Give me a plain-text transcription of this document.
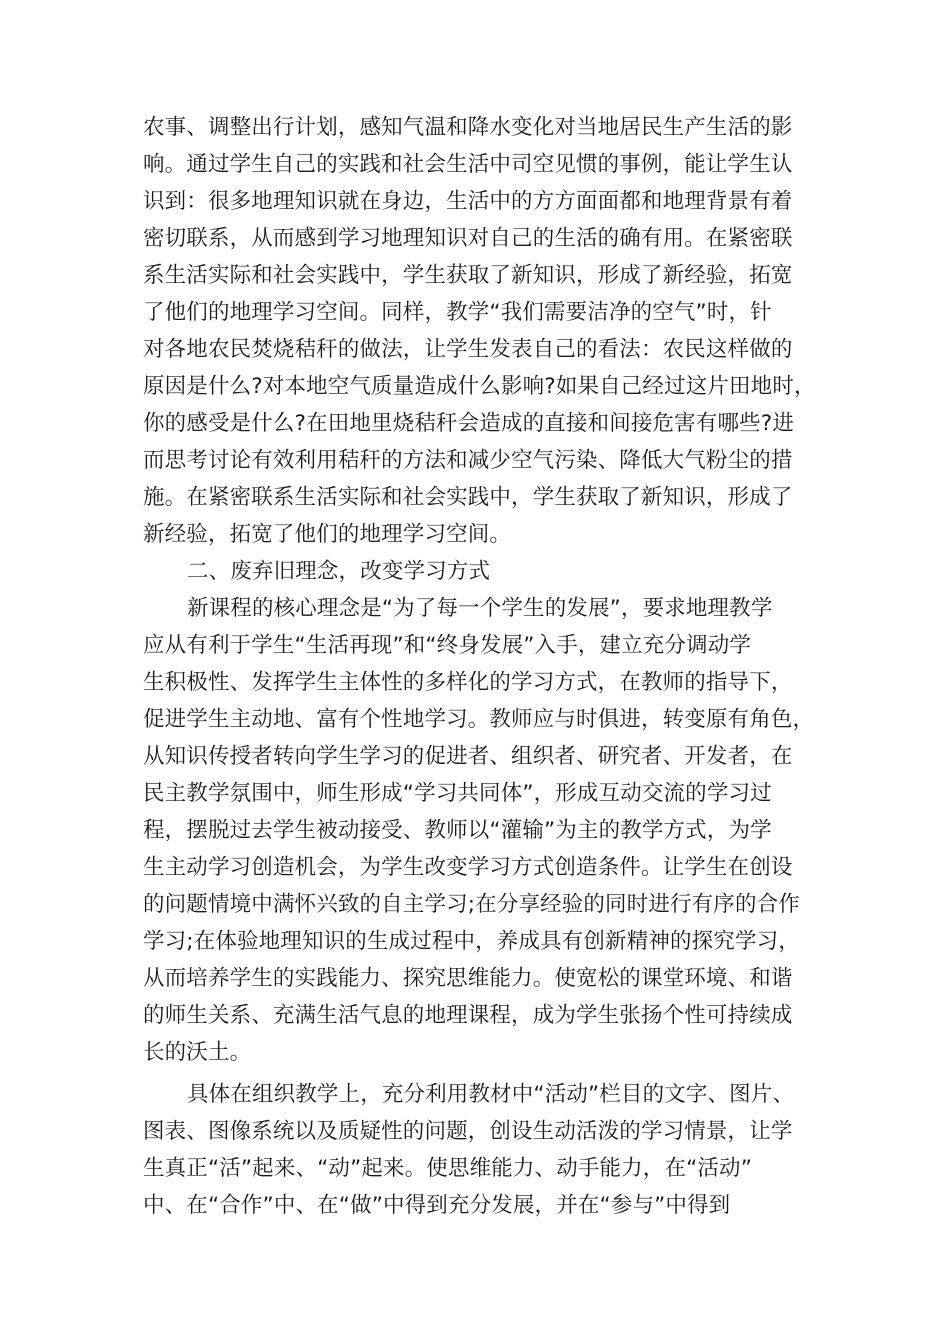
农事、调整出行计划，感知气温和降水变化对当地居民生产生活的影
响。通过学生自己的实践和社会生活中司空见惯的事例，能让学生认
识到：很多地理知识就在身边，生活中的方方面面都和地理背景有着
密切联系，从而感到学习地理知识对自己的生活的确有用。在紧密联
系生活实际和社会实践中，学生获取了新知识，形成了新经验，拓宽
了他们的地理学习空间。同样，教学“我们需要洁净的空气”时，针
对各地农民焚烧秸秆的做法，让学生发表自己的看法：农民这样做的
原因是什么?对本地空气质量造成什么影响?如果自己经过这片田地时，
你的感受是什么?在田地里烧秸秆会造成的直接和间接危害有哪些?进
而思考讨论有效利用秸秆的方法和减少空气污染、降低大气粉尘的措
施。在紧密联系生活实际和社会实践中，学生获取了新知识，形成了
新经验，拓宽了他们的地理学习空间。
二、废弃旧理念，改变学习方式
新课程的核心理念是“为了每一个学生的发展”，要求地理教学
应从有利于学生“生活再现”和“终身发展”入手，建立充分调动学
生积极性、发挥学生主体性的多样化的学习方式，在教师的指导下，
促进学生主动地、富有个性地学习。教师应与时俱进，转变原有角色，
从知识传授者转向学生学习的促进者、组织者、研究者、开发者，在
民主教学氛围中，师生形成“学习共同体”，形成互动交流的学习过
程，摆脱过去学生被动接受、教师以“灌输”为主的教学方式，为学
生主动学习创造机会，为学生改变学习方式创造条件。让学生在创设
的问题情境中满怀兴致的自主学习;在分享经验的同时进行有序的合作
学习;在体验地理知识的生成过程中，养成具有创新精神的探究学习，
从而培养学生的实践能力、探究思维能力。使宽松的课堂环境、和谐
的师生关系、充满生活气息的地理课程，成为学生张扬个性可持续成
长的沃土。
具体在组织教学上，充分利用教材中“活动”栏目的文字、图片、
图表、图像系统以及质疑性的问题，创设生动活泼的学习情景，让学
生真正“活”起来、“动”起来。使思维能力、动手能力，在“活动”
中、在“合作”中、在“做”中得到充分发展，并在“参与”中得到
